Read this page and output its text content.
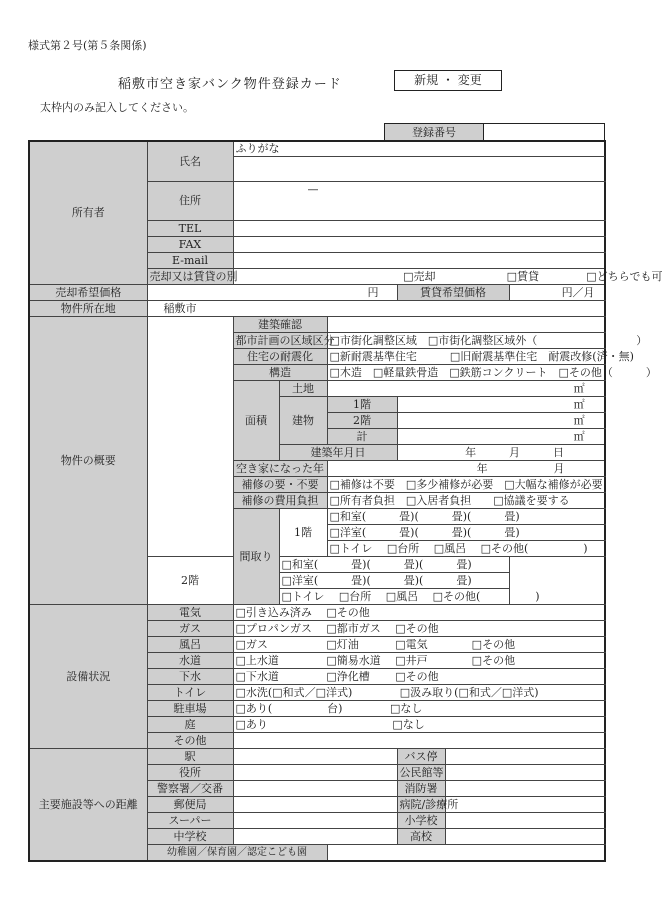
様式第２号(第５条関係)
稲敷市空き家バンク物件登録カード	新規 ・ 変更
太枠内のみ記入してください。
登録番号	
所有者	氏名	ふりがな					

	住所	—					

	TEL						
	FAX						
	E-mail						
	売却又は賃貸の別	□売却 □賃貸 □どちらでも可					
売却希望価格	円				賃貸希望価格		円／月
物件所在地	稲敷市						
物件の概要		建築確認					
		都市計画の区域区分		□市街化調整区域　□市街化調整区域外（　　　　　　　　　）			
		住宅の耐震化		□新耐震基準住宅　　　□旧耐震基準住宅　耐震改修(済・無)			
		構造		□木造　□軽量鉄骨造　□鉄筋コンクリート　□その他（　　　）			
		面積	土地	㎡			
			建物	1階	㎡		
				2階	㎡		
				計	㎡		
			建築年月日		年　　　月　　　日		
		空き家になった年		年　　　　　　月			
		補修の要・不要		□補修は不要　□多少補修が必要　□大幅な補修が必要			
		補修の費用負担		□所有者負担　□入居者負担　　□協議を要する			
		間取り	1階	□和室(　　　畳)(　　　畳)(　　　畳)			
				□洋室(　　　畳)(　　　畳)(　　　畳)			
				□トイレ　 □台所　 □風呂　 □その他(　　　　　)			
	2階		□和室(　　　畳)(　　　畳)(　　　畳)				
			□洋室(　　　畳)(　　　畳)(　　　畳)				
			□トイレ　 □台所　 □風呂　 □その他(　　　　　)				
設備状況	電気	□引き込み済み　 □その他					
	ガス	□プロパンガス　 □都市ガス　 □その他					
	風呂	□ガス　　　　　 □灯油　　　 □電気　　　　□その他					
	水道	□上水道　　　　 □簡易水道　 □井戸　　　　□その他					
	下水	□下水道　　　　 □浄化槽　　 □その他					
	トイレ	□水洗(□和式／□洋式)　　　　 □汲み取り(□和式／□洋式)					
	駐車場	□あり(　　　　　台)　　　　 □なし					
	庭	□あり　　　　　　　　　　　 □なし					
	その他						
主要施設等への距離	駅				バス停		
	役所				公民館等		
	警察署／交番				消防署		
	郵便局				病院/診療所		
	スーパー				小学校		
	中学校				高校		
	幼稚園／保育園／認定こども園						
